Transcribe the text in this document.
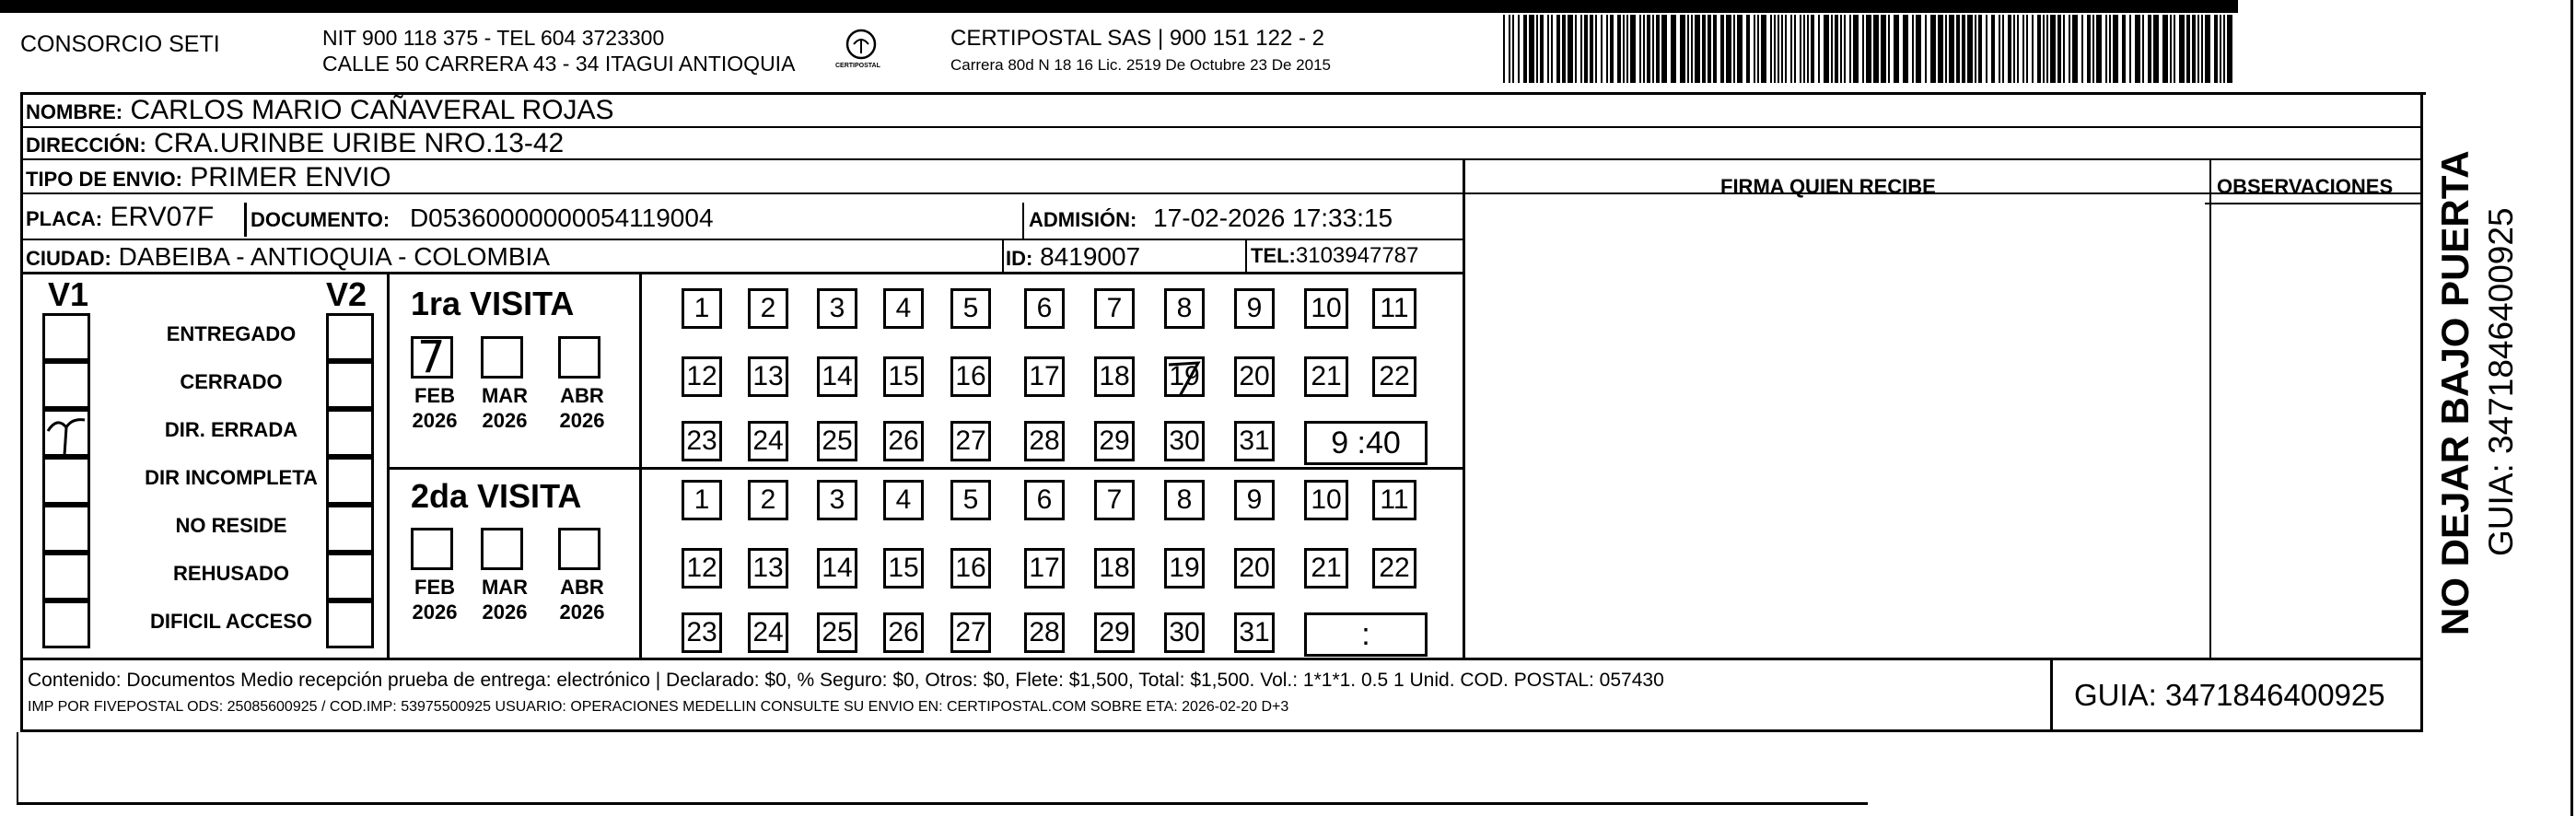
CONSORCIO SETI	NIT 900 118 375 - TEL 604 3723300
CALLE 50 CARRERA 43 - 34 ITAGUI ANTIOQUIA	CERTIPOSTAL
CERTIPOSTAL SAS | 900 151 122 - 2
Carrera 80d N 18 16 Lic. 2519 De Octubre 23 De 2015
NOMBRE: CARLOS MARIO CAÑAVERAL ROJAS
DIRECCIÓN: CRA.URINBE URIBE NRO.13-42
TIPO DE ENVIO: PRIMER ENVIO
PLACA: ERV07F DOCUMENTO: D05360000000054119004	ADMISIÓN: 17-02-2026 17:33:15
CIUDAD: DABEIBA - ANTIOQUIA - COLOMBIA	ID: 8419007	TEL:3103947787
FIRMA QUIEN RECIBE	OBSERVACIONES
V1	V2
ENTREGADO
CERRADO
DIR. ERRADA
DIR INCOMPLETA
NO RESIDE
REHUSADO
DIFICIL ACCESO
1ra VISITA
2da VISITA
7
FEB
2026
MAR
2026
ABR
2026
1 2 3 4 5 6 7 8 9 10 11
12 13 14 15 16 17 18 19 20 21 22
23 24 25 26 27 28 29 30 31 9 :40
FEB
2026
MAR
2026
ABR
2026
1 2 3 4 5 6 7 8 9 10 11
12 13 14 15 16 17 18 19 20 21 22
23 24 25 26 27 28 29 30 31	:
Contenido: Documentos Medio recepción prueba de entrega: electrónico | Declarado: $0, % Seguro: $0, Otros: $0, Flete: $1,500, Total: $1,500. Vol.: 1*1*1. 0.5 1 Unid. COD. POSTAL: 057430
IMP POR FIVEPOSTAL ODS: 25085600925 / COD.IMP: 53975500925 USUARIO: OPERACIONES MEDELLIN CONSULTE SU ENVIO EN: CERTIPOSTAL.COM SOBRE ETA: 2026-02-20 D+3	GUIA: 3471846400925
NO DEJAR BAJO PUERTA GUIA: 3471846400925
